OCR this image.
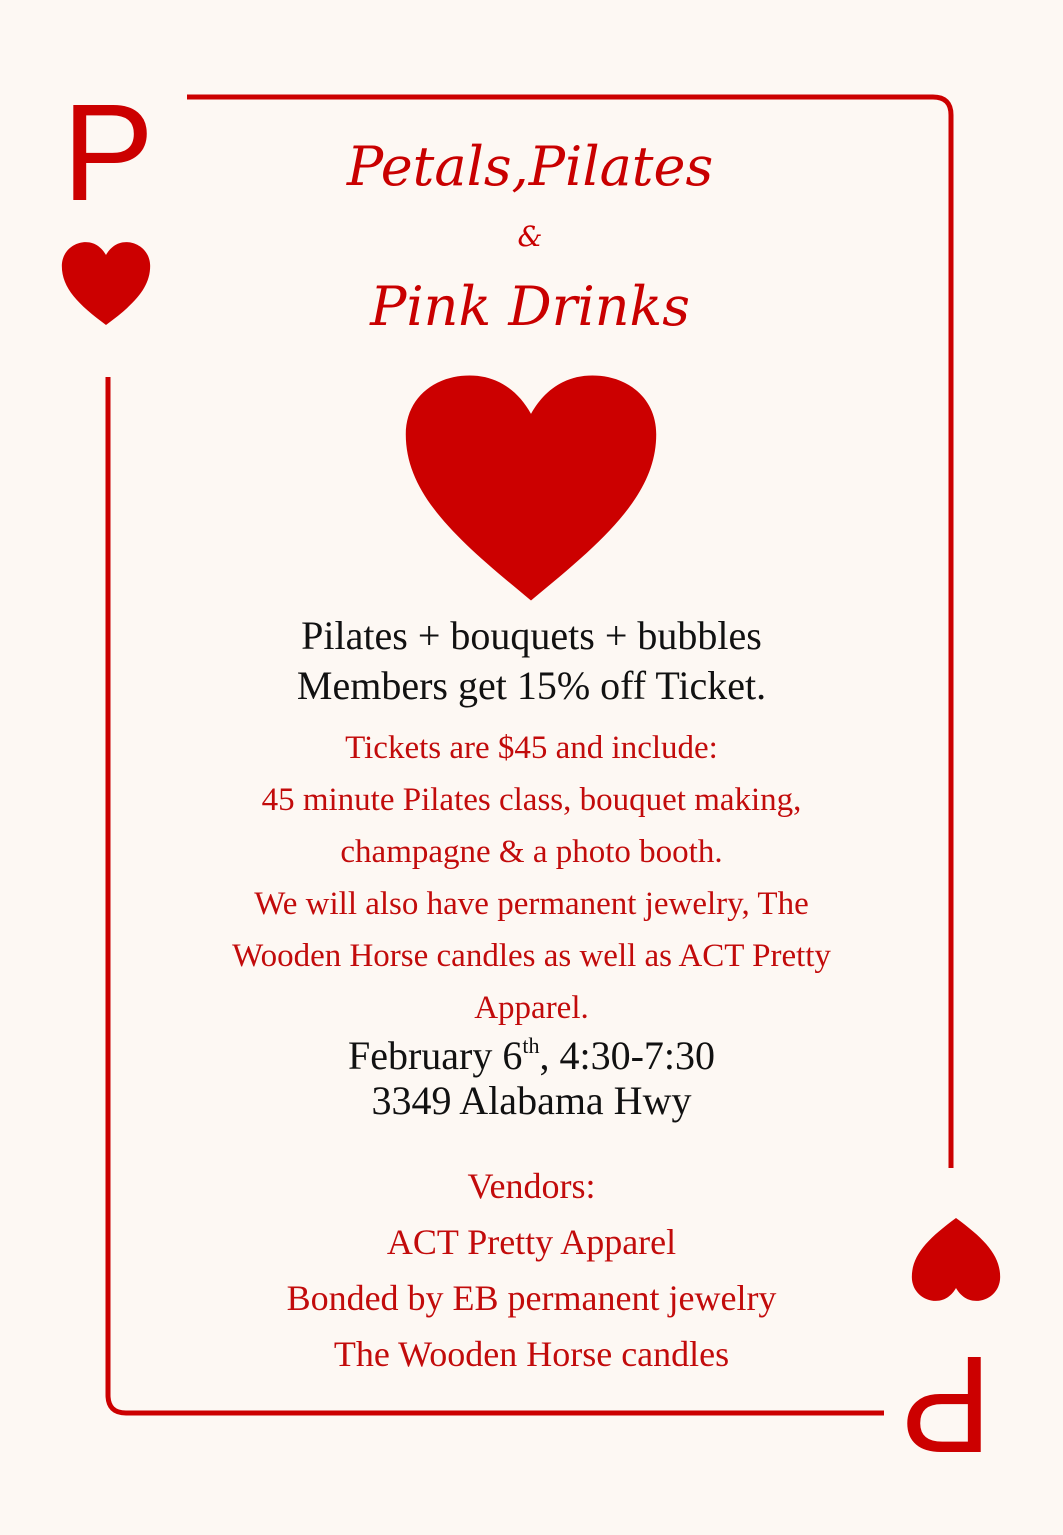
P
P
Petals,Pilates
&
Pink Drinks

Pilates + bouquets + bubbles

Members get 15% off Ticket.

Tickets are $45 and include:

45 minute Pilates class, bouquet making,

champagne & a photo booth.

We will also have permanent jewelry, The

Wooden Horse candles as well as ACT Pretty

Apparel.

February 6th, 4:30-7:30

3349 Alabama Hwy

Vendors:

ACT Pretty Apparel

Bonded by EB permanent jewelry

The Wooden Horse candles
